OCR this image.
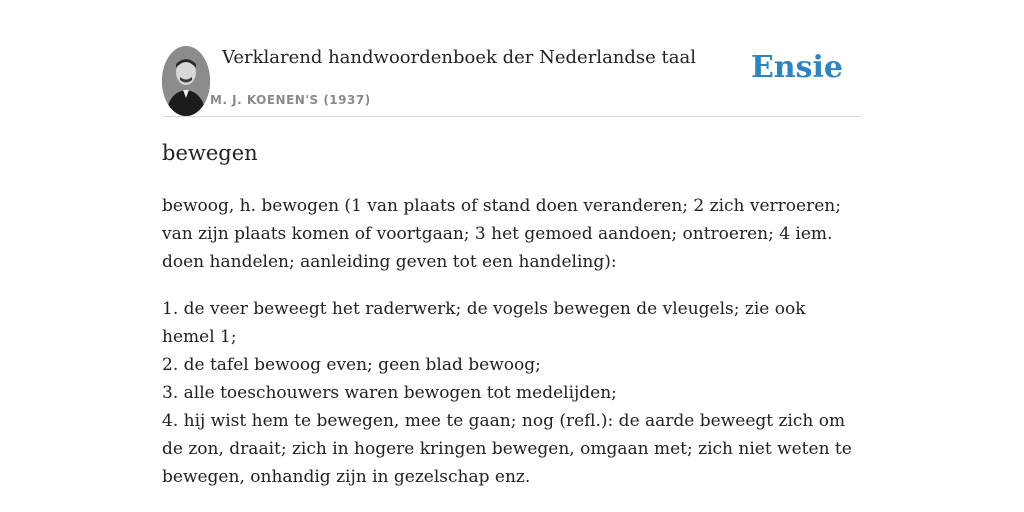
Verklarend handwoordenboek der Nederlandse taal
M. J. KOENEN'S (1937)
Ensie
bewegen
bewoog, h. bewogen (1 van plaats of stand doen veranderen; 2 zich verroeren; van zijn plaats komen of voortgaan; 3 het gemoed aandoen; ontroeren; 4 iem. doen handelen; aanleiding geven tot een handeling):
1. de veer beweegt het raderwerk; de vogels bewegen de vleugels; zie ook hemel 1;
2. de tafel bewoog even; geen blad bewoog;
3. alle toeschouwers waren bewogen tot medelijden;
4. hij wist hem te bewegen, mee te gaan; nog (refl.): de aarde beweegt zich om de zon, draait; zich in hogere kringen bewegen, omgaan met; zich niet weten te bewegen, onhandig zijn in gezelschap enz.
